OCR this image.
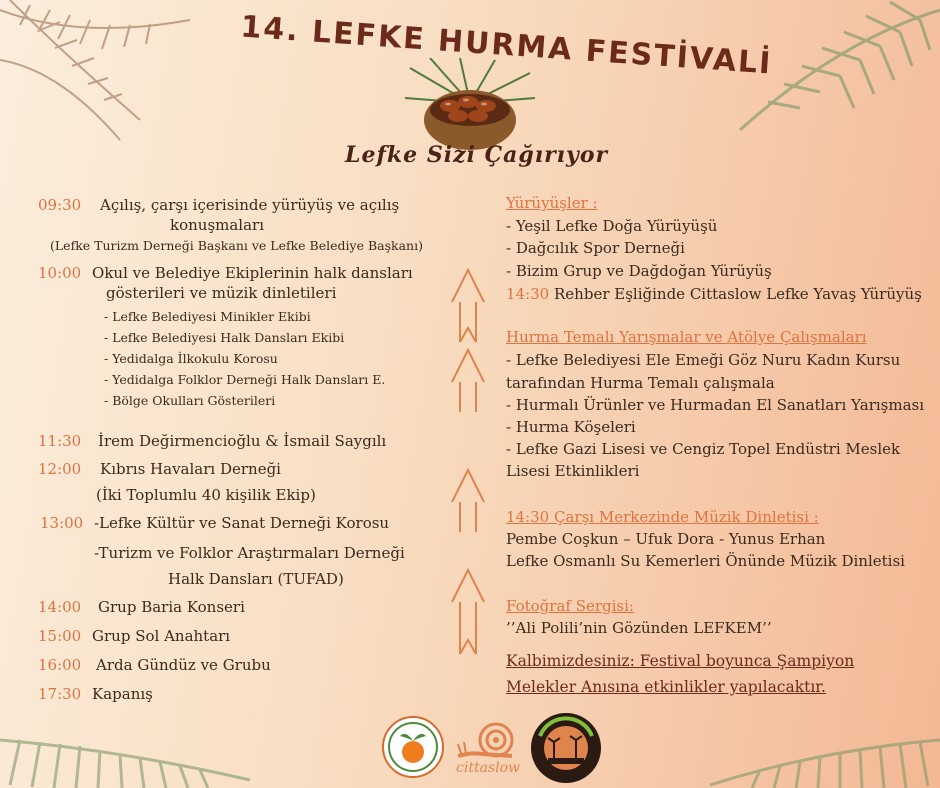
14. LEFKE HURMA FESTİVALİ
Lefke Sizi Çağırıyor
09:30 Açılış, çarşı içerisinde yürüyüş ve açılış
konuşmaları
(Lefke Turizm Derneği Başkanı ve Lefke Belediye Başkanı)
10:00 Okul ve Belediye Ekiplerinin halk dansları
gösterileri ve müzik dinletileri
- Lefke Belediyesi Minikler Ekibi
- Lefke Belediyesi Halk Dansları Ekibi
- Yedidalga İlkokulu Korosu
- Yedidalga Folklor Derneği Halk Dansları E.
- Bölge Okulları Gösterileri
11:30 İrem Değirmencioğlu & İsmail Saygılı
12:00 Kıbrıs Havaları Derneği
(İki Toplumlu 40 kişilik Ekip)
13:00 -Lefke Kültür ve Sanat Derneği Korosu
-Turizm ve Folklor Araştırmaları Derneği
Halk Dansları (TUFAD)
14:00 Grup Baria Konseri
15:00 Grup Sol Anahtarı
16:00 Arda Gündüz ve Grubu
17:30 Kapanış
Yürüyüşler :
- Yeşil Lefke Doğa Yürüyüşü
- Dağcılık Spor Derneği
- Bizim Grup ve Dağdoğan Yürüyüş
14:30 Rehber Eşliğinde Cittaslow Lefke Yavaş Yürüyüş
Hurma Temalı Yarışmalar ve Atölye Çalışmaları
- Lefke Belediyesi Ele Emeği Göz Nuru Kadın Kursu
tarafından Hurma Temalı çalışmala
- Hurmalı Ürünler ve Hurmadan El Sanatları Yarışması
- Hurma Köşeleri
- Lefke Gazi Lisesi ve Cengiz Topel Endüstri Meslek
Lisesi Etkinlikleri
14:30 Çarşı Merkezinde Müzik Dinletisi :
Pembe Coşkun – Ufuk Dora - Yunus Erhan
Lefke Osmanlı Su Kemerleri Önünde Müzik Dinletisi
Fotoğraf Sergisi:
’’Ali Polili’nin Gözünden LEFKEM’’
Kalbimizdesiniz: Festival boyunca Şampiyon
Melekler Anısına etkinlikler yapılacaktır.
cittaslow
